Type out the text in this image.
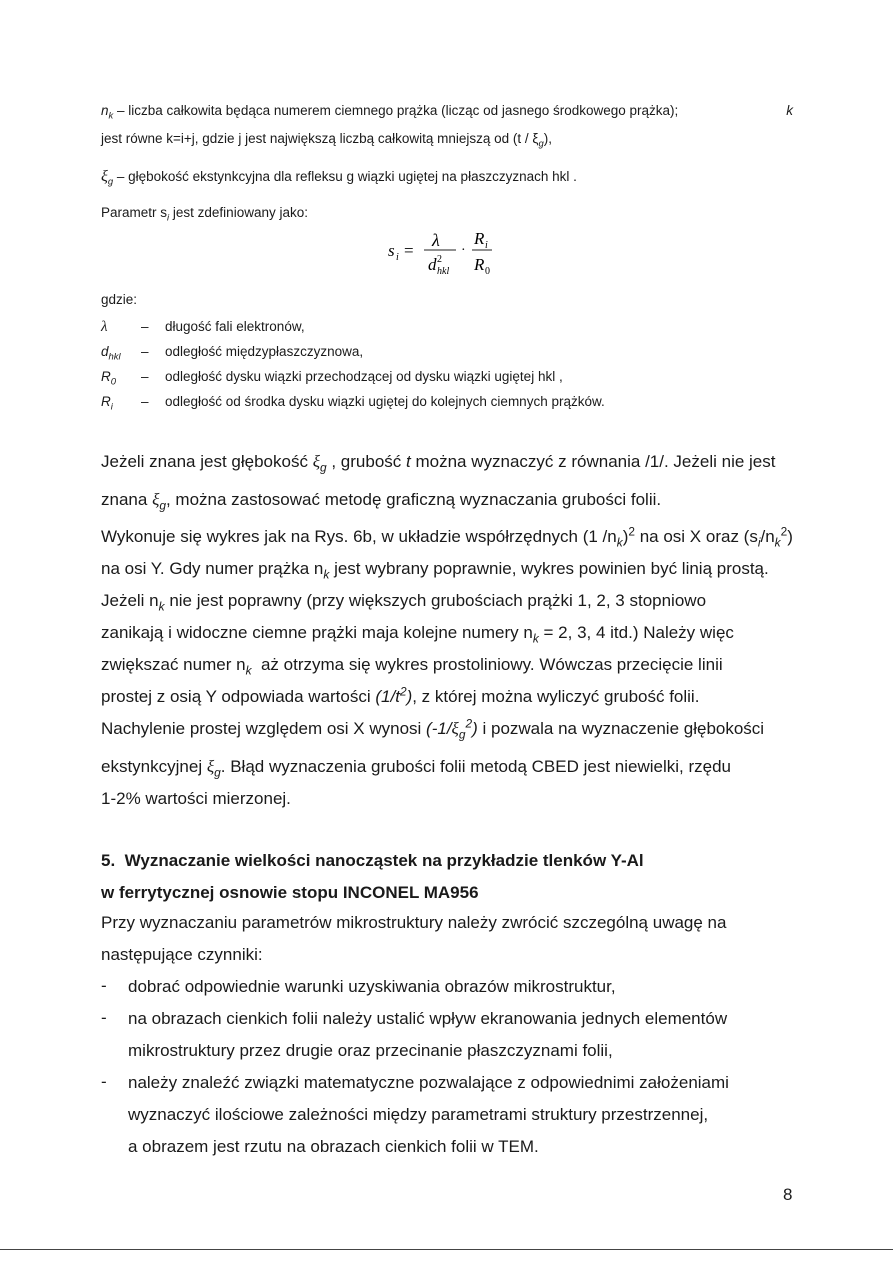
$n_k$ – liczba całkowita będąca numerem ciemnego prążka (licząc od jasnego środkowego prążka);	k
jest równe k=i+j, gdzie j jest największą liczbą całkowitą mniejszą od $(t / \xi_g)$,
$\xi_g$ – głębokość ekstynkcyjna dla refleksu g wiązki ugiętej na płaszczyznach hkl .
Parametr $s_i$ jest zdefiniowany jako:
s i =
λ
d 2
hkl
·
R i
R 0
gdzie:
λ – długość fali elektronów,
$d_{hkl}$ – odległość międzypłaszczyznowa,
$R_0$ – odległość dysku wiązki przechodzącej od dysku wiązki ugiętej hkl ,
$R_i$ – odległość od środka dysku wiązki ugiętej do kolejnych ciemnych prążków.
Jeżeli znana jest głębokość $\xi_g$ , grubość t można wyznaczyć z równania /1/. Jeżeli nie jest
znana $\xi_g$, można zastosować metodę graficzną wyznaczania grubości folii.
Wykonuje się wykres jak na Rys. 6b, w układzie współrzędnych (1 $/n_k)^2$ na osi X oraz $(s_i/n_k^2)$
na osi Y. Gdy numer prążka $n_k$ jest wybrany poprawnie, wykres powinien być linią prostą.
Jeżeli $n_k$ nie jest poprawny (przy większych grubościach prążki 1, 2, 3 stopniowo
zanikają i widoczne ciemne prążki maja kolejne numery $n_k = 2$, 3, 4 itd.) Należy więc
zwiększać numer $n_k$ aż otrzyma się wykres prostoliniowy. Wówczas przecięcie linii
prostej z osią Y odpowiada wartości $(1/t^2)$, z której można wyliczyć grubość folii.
Nachylenie prostej względem osi X wynosi $(-1/\xi_g^2)$ i pozwala na wyznaczenie głębokości
ekstynkcyjnej $\xi_g$. Błąd wyznaczenia grubości folii metodą CBED jest niewielki, rzędu
1-2% wartości mierzonej.
5. Wyznaczanie wielkości nanocząstek na przykładzie tlenków Y-Al
w ferrytycznej osnowie stopu INCONEL MA956
Przy wyznaczaniu parametrów mikrostruktury należy zwrócić szczególną uwagę na
następujące czynniki:
- dobrać odpowiednie warunki uzyskiwania obrazów mikrostruktur,
- na obrazach cienkich folii należy ustalić wpływ ekranowania jednych elementów
mikrostruktury przez drugie oraz przecinanie płaszczyznami folii,
- należy znaleźć związki matematyczne pozwalające z odpowiednimi założeniami
wyznaczyć ilościowe zależności między parametrami struktury przestrzennej,
a obrazem jest rzutu na obrazach cienkich folii w TEM.
8
